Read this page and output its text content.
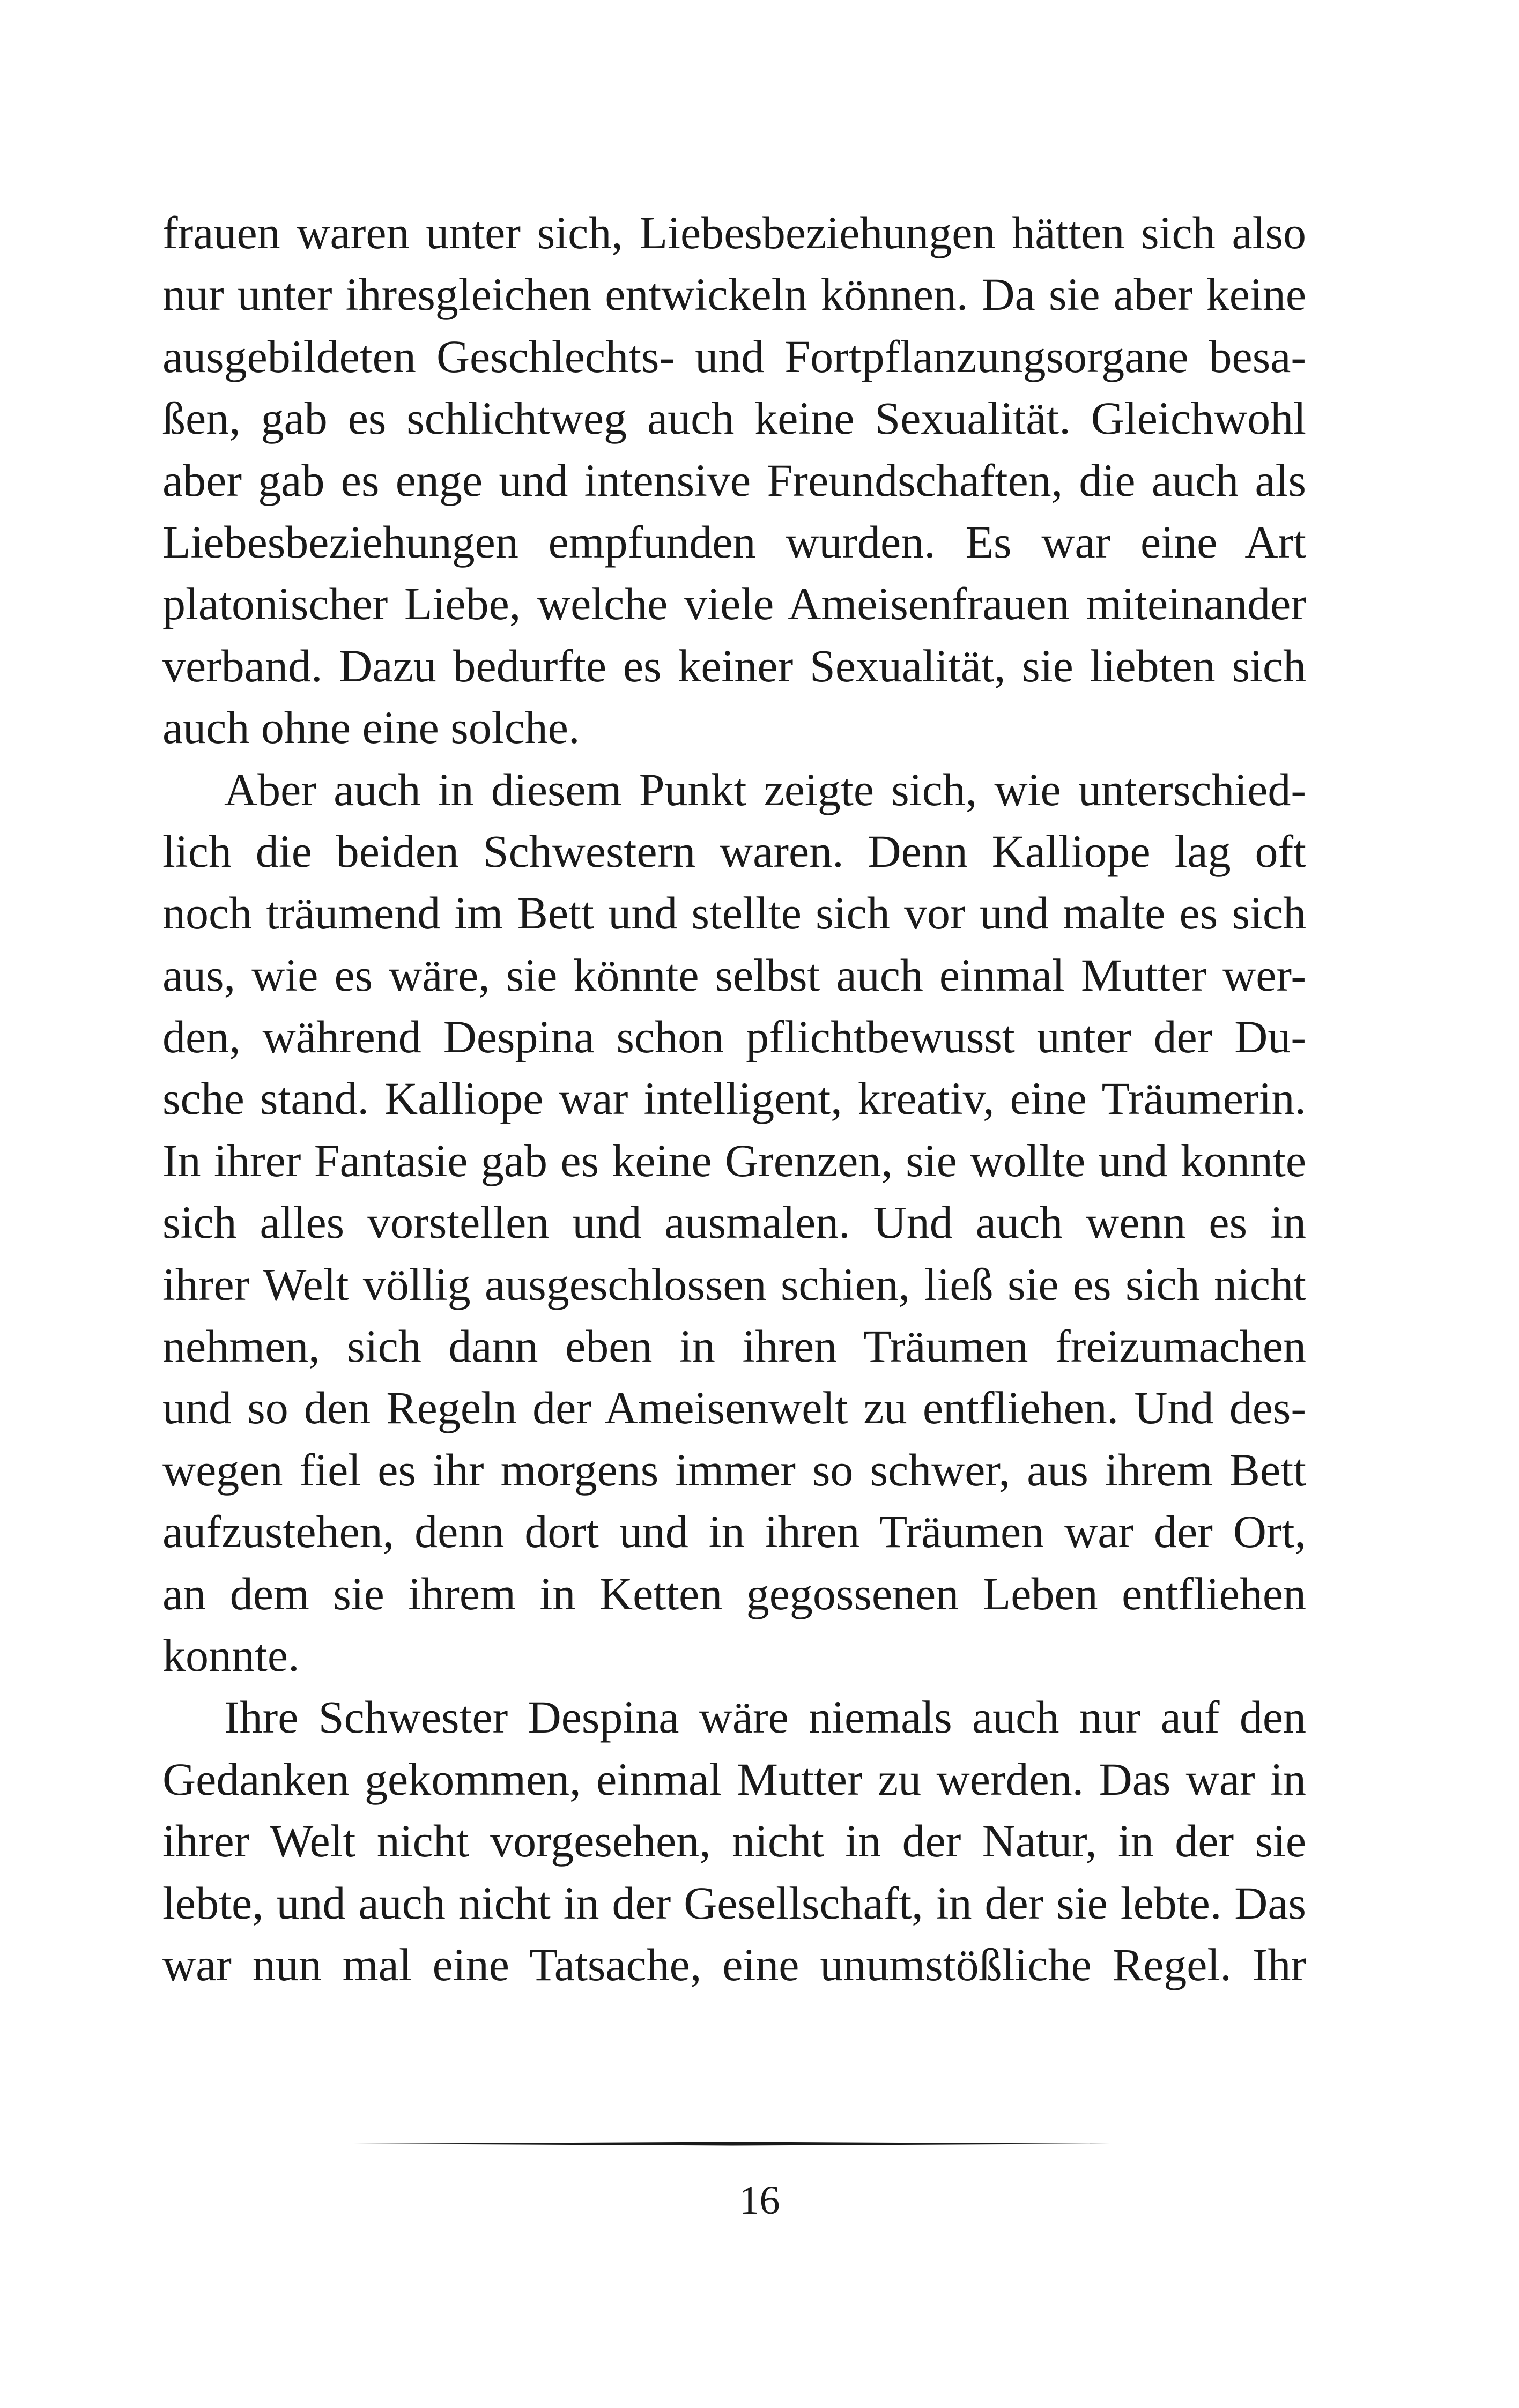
frauen waren unter sich, Liebesbeziehungen hätten sich also
nur unter ihresgleichen entwickeln können. Da sie aber keine
ausgebildeten Geschlechts- und Fortpflanzungsorgane besa-
ßen, gab es schlichtweg auch keine Sexualität. Gleichwohl
aber gab es enge und intensive Freundschaften, die auch als
Liebesbeziehungen empfunden wurden. Es war eine Art
platonischer Liebe, welche viele Ameisenfrauen miteinander
verband. Dazu bedurfte es keiner Sexualität, sie liebten sich
auch ohne eine solche.
Aber auch in diesem Punkt zeigte sich, wie unterschied-
lich die beiden Schwestern waren. Denn Kalliope lag oft
noch träumend im Bett und stellte sich vor und malte es sich
aus, wie es wäre, sie könnte selbst auch einmal Mutter wer-
den, während Despina schon pflichtbewusst unter der Du-
sche stand. Kalliope war intelligent, kreativ, eine Träumerin.
In ihrer Fantasie gab es keine Grenzen, sie wollte und konnte
sich alles vorstellen und ausmalen. Und auch wenn es in
ihrer Welt völlig ausgeschlossen schien, ließ sie es sich nicht
nehmen, sich dann eben in ihren Träumen freizumachen
und so den Regeln der Ameisenwelt zu entfliehen. Und des-
wegen fiel es ihr morgens immer so schwer, aus ihrem Bett
aufzustehen, denn dort und in ihren Träumen war der Ort,
an dem sie ihrem in Ketten gegossenen Leben entfliehen
konnte.
Ihre Schwester Despina wäre niemals auch nur auf den
Gedanken gekommen, einmal Mutter zu werden. Das war in
ihrer Welt nicht vorgesehen, nicht in der Natur, in der sie
lebte, und auch nicht in der Gesellschaft, in der sie lebte. Das
war nun mal eine Tatsache, eine unumstößliche Regel. Ihr
16
